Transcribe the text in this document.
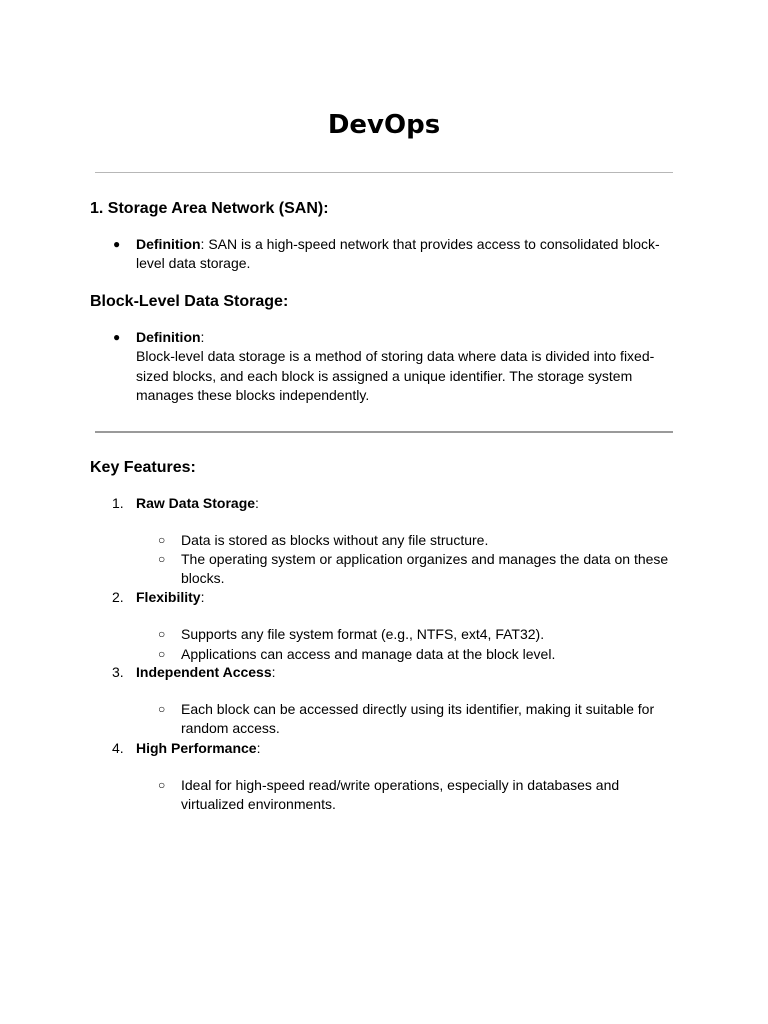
DevOps
1. Storage Area Network (SAN):
● Definition: SAN is a high-speed network that provides access to consolidated block-level data storage.
Block-Level Data Storage:
● Definition:
Block-level data storage is a method of storing data where data is divided into fixed-sized blocks, and each block is assigned a unique identifier. The storage system manages these blocks independently.
Key Features:
1. Raw Data Storage:
○ Data is stored as blocks without any file structure.
○ The operating system or application organizes and manages the data on these blocks.
2. Flexibility:
○ Supports any file system format (e.g., NTFS, ext4, FAT32).
○ Applications can access and manage data at the block level.
3. Independent Access:
○ Each block can be accessed directly using its identifier, making it suitable for random access.
4. High Performance:
○ Ideal for high-speed read/write operations, especially in databases and virtualized environments.
